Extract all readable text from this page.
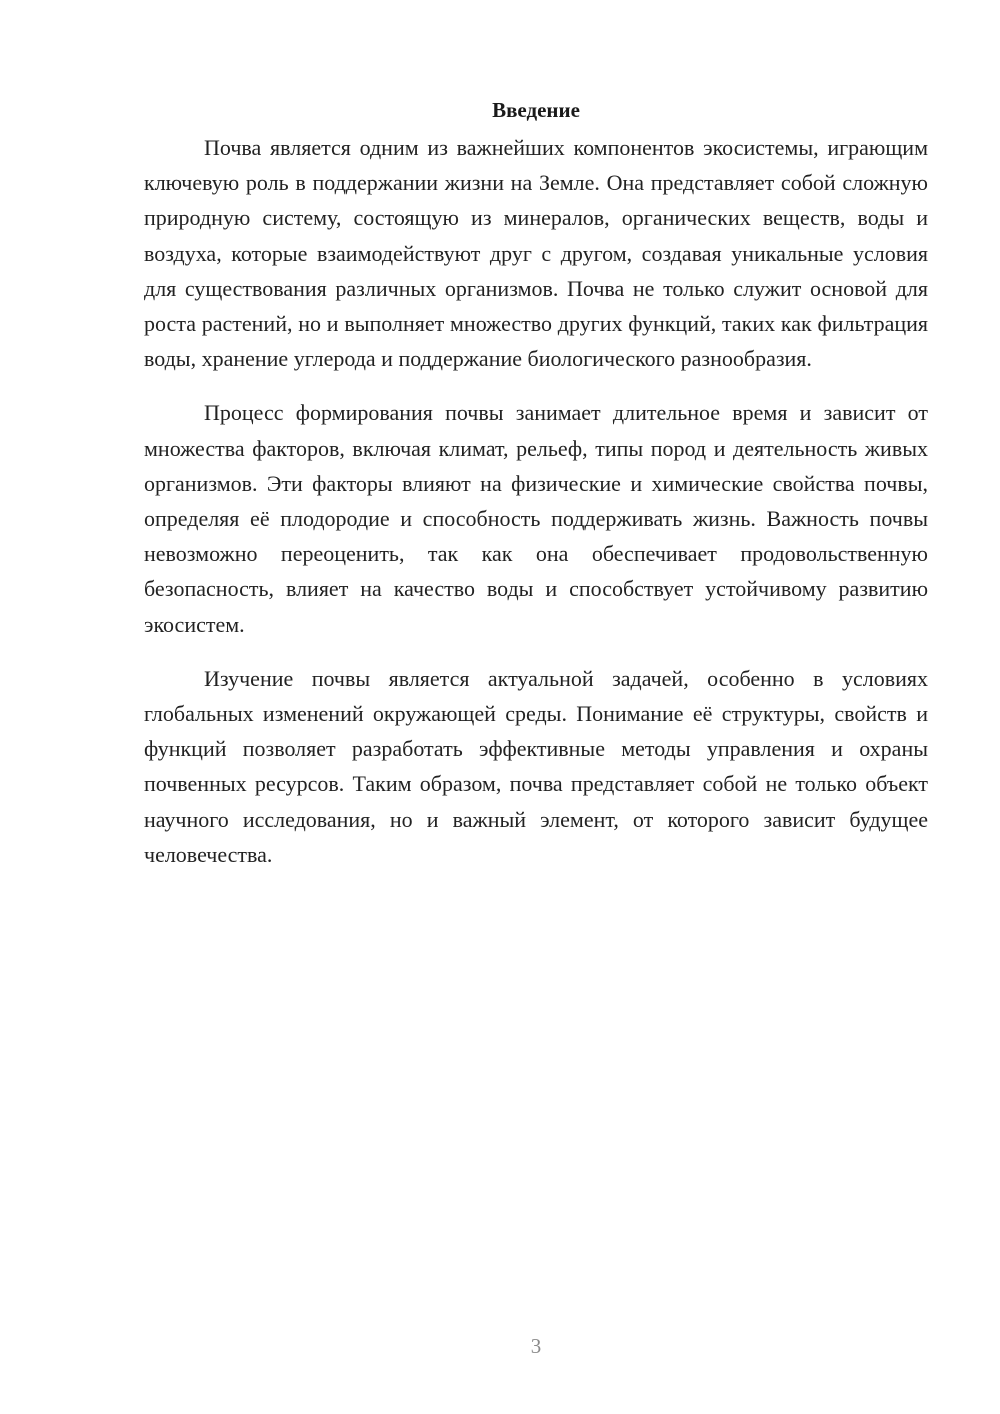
Введение

Почва является одним из важнейших компонентов экосистемы, играющим ключевую роль в поддержании жизни на Земле. Она представляет собой сложную природную систему, состоящую из минералов, органических веществ, воды и воздуха, которые взаимодействуют друг с другом, создавая уникальные условия для существования различных организмов. Почва не только служит основой для роста растений, но и выполняет множество других функций, таких как фильтрация воды, хранение углерода и поддержание биологического разнообразия.

Процесс формирования почвы занимает длительное время и зависит от множества факторов, включая климат, рельеф, типы пород и деятельность живых организмов. Эти факторы влияют на физические и химические свойства почвы, определяя её плодородие и способность поддерживать жизнь. Важность почвы невозможно переоценить, так как она обеспечивает продовольственную безопасность, влияет на качество воды и способствует устойчивому развитию экосистем.

Изучение почвы является актуальной задачей, особенно в условиях глобальных изменений окружающей среды. Понимание её структуры, свойств и функций позволяет разработать эффективные методы управления и охраны почвенных ресурсов. Таким образом, почва представляет собой не только объект научного исследования, но и важный элемент, от которого зависит будущее человечества.

3
